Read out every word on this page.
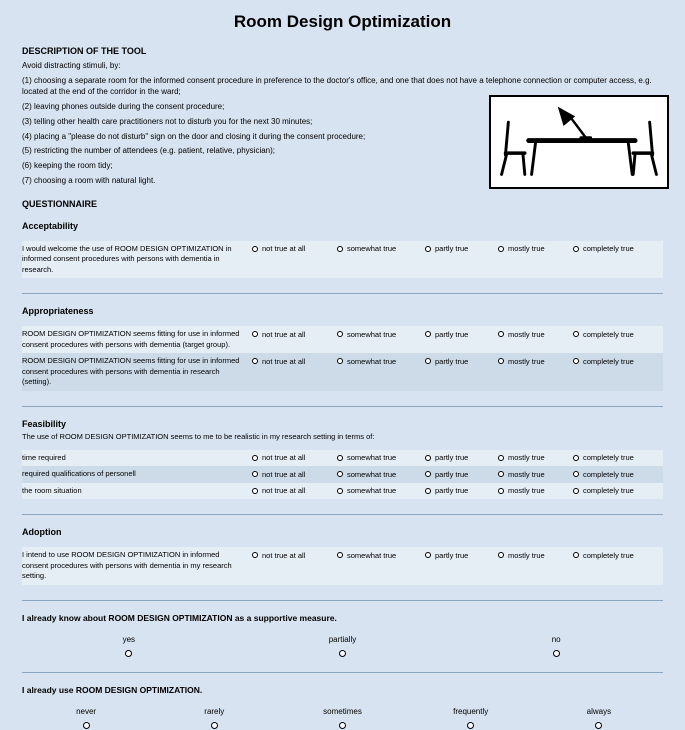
Room Design Optimization
DESCRIPTION OF THE TOOL

Avoid distracting stimuli, by:

(1) choosing a separate room for the informed consent procedure in preference to the doctor's office, and one that does not have a telephone connection or computer access, e.g. located at the end of the corridor in the ward;

(2) leaving phones outside during the consent procedure;

(3) telling other health care practitioners not to disturb you for the next 30 minutes;

(4) placing a "please do not disturb" sign on the door and closing it during the consent procedure;

(5) restricting the number of attendees (e.g. patient, relative, physician);

(6) keeping the room tidy;

(7) choosing a room with natural light.

QUESTIONNAIRE
Acceptability
I would welcome the use of ROOM DESIGN OPTIMIZATION in informed consent procedures with persons with dementia in research.
not true at all	somewhat true	partly true	mostly true	completely true
Appropriateness
ROOM DESIGN OPTIMIZATION seems fitting for use in informed consent procedures with persons with dementia (target group).
not true at all	somewhat true	partly true	mostly true	completely true
ROOM DESIGN OPTIMIZATION seems fitting for use in informed consent procedures with persons with dementia in research (setting).
not true at all	somewhat true	partly true	mostly true	completely true
Feasibility

The use of ROOM DESIGN OPTIMIZATION seems to me to be realistic in my research setting in terms of:

time required	not true at all	somewhat true	partly true	mostly true	completely true
required qualifications of personell	not true at all	somewhat true	partly true	mostly true	completely true
the room situation	not true at all	somewhat true	partly true	mostly true	completely true
Adoption
I intend to use ROOM DESIGN OPTIMIZATION in informed consent procedures with persons with dementia in my research setting.
not true at all	somewhat true	partly true	mostly true	completely true
I already know about ROOM DESIGN OPTIMIZATION as a supportive measure.
yes	partially	no
I already use ROOM DESIGN OPTIMIZATION.
never	rarely	sometimes	frequently	always
